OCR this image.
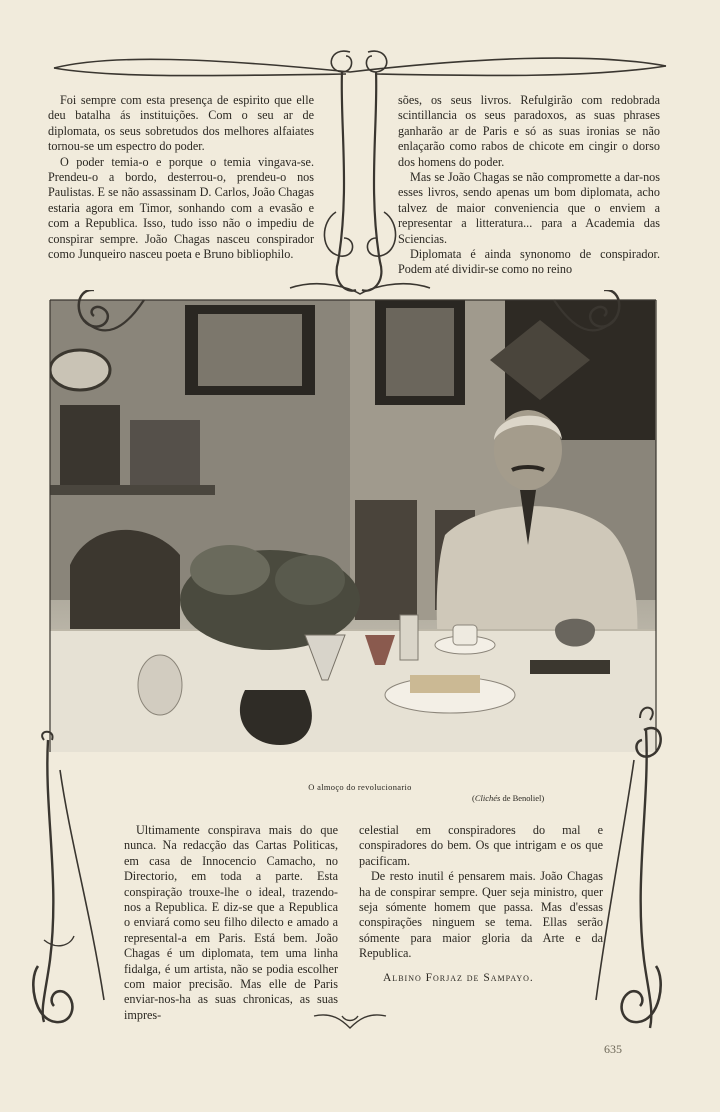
Foi sempre com esta presença de espirito que elle deu batalha ás instituições. Com o seu ar de diplomata, os seus sobretudos dos melhores alfaiates tornou-se um espectro do poder.

O poder temia-o e porque o temia vingava-se. Prendeu-o a bordo, desterrou-o, prendeu-o nos Paulistas. E se não assassinam D. Carlos, João Chagas estaria agora em Timor, sonhando com a evasão e com a Republica. Isso, tudo isso não o impediu de conspirar sempre. João Chagas nasceu conspirador como Junqueiro nasceu poeta e Bruno bibliophilo.

sões, os seus livros. Refulgirão com redobrada scintillancia os seus paradoxos, as suas phrases ganharão ar de Paris e só as suas ironias se não enlaçarão como rabos de chicote em cingir o dorso dos homens do poder.

Mas se João Chagas se não compromette a dar-nos esses livros, sendo apenas um bom diplomata, acho talvez de maior conveniencia que o enviem a representar a litteratura... para a Academia das Sciencias.

Diplomata é ainda synonomo de conspirador. Podem até dividir-se como no reino

O almoço do revolucionario
(Clichés de Benoliel)

Ultimamente conspirava mais do que nunca. Na redacção das Cartas Politicas, em casa de Innocencio Camacho, no Directorio, em toda a parte. Esta conspiração trouxe-lhe o ideal, trazendo-nos a Republica. E diz-se que a Republica o enviará como seu filho dilecto e amado a represental-a em Paris. Está bem. João Chagas é um diplomata, tem uma linha fidalga, é um artista, não se podia escolher com maior precisão. Mas elle de Paris enviar-nos-ha as suas chronicas, as suas impres-

celestial em conspiradores do mal e conspiradores do bem. Os que intrigam e os que pacificam.

De resto inutil é pensarem mais. João Chagas ha de conspirar sempre. Quer seja ministro, quer seja sómente homem que passa. Mas d'essas conspirações ninguem se tema. Ellas serão sómente para maior gloria da Arte e da Republica.

Albino Forjaz de Sampayo.
635
